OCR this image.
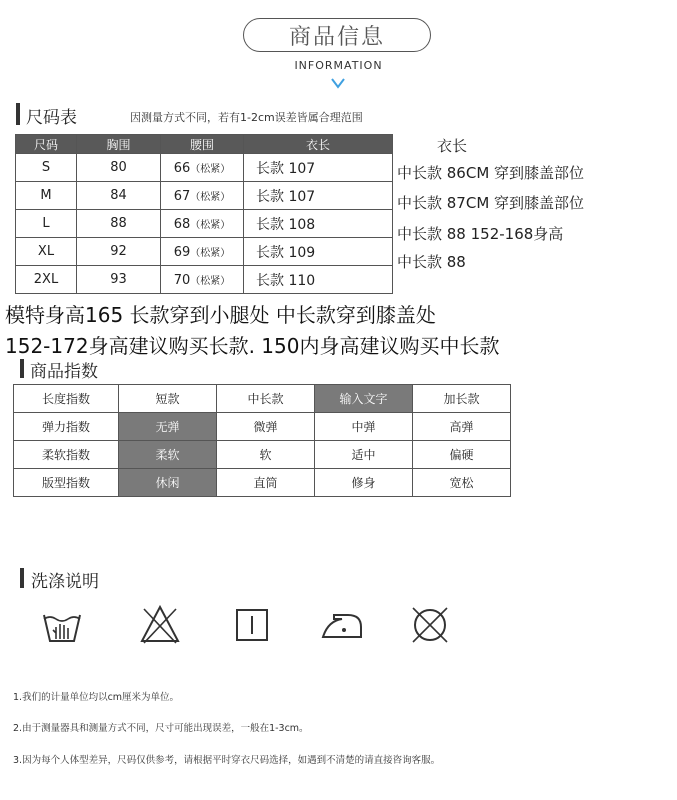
商品信息
INFORMATION
尺码表	因测量方式不同，若有1-2cm误差皆属合理范围
尺码	胸围	腰围	衣长
S	80	66（松紧）	长款 107
M	84	67（松紧）	长款 107
L	88	68（松紧）	长款 108
XL	92	69（松紧）	长款 109
2XL	93	70（松紧）	长款 110
衣长
中长款 86CM 穿到膝盖部位
中长款 87CM 穿到膝盖部位
中长款 88 152-168身高
中长款 88
模特身高165 长款穿到小腿处 中长款穿到膝盖处
152-172身高建议购买长款. 150内身高建议购买中长款
商品指数
长度指数	短款	中长款	输入文字	加长款
弹力指数	无弹	微弹	中弹	高弹
柔软指数	柔软	软	适中	偏硬
版型指数	休闲	直筒	修身	宽松
洗涤说明
1.我们的计量单位均以cm厘米为单位。
2.由于测量器具和测量方式不同，尺寸可能出现误差，一般在1-3cm。
3.因为每个人体型差异，尺码仅供参考，请根据平时穿衣尺码选择，如遇到不清楚的请直接咨询客服。
